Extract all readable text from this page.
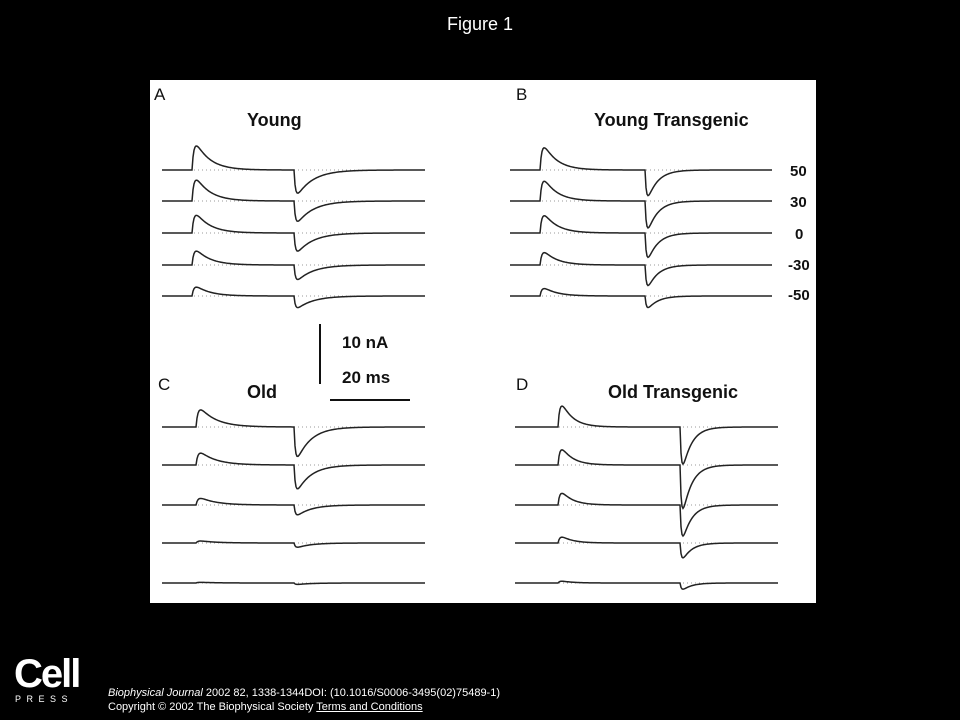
Figure 1
A
Young
B
Young Transgenic
C	Old	D	Old Transgenic
50
30
0
-30
-50
10 nA
20 ms
Cell
PRESS	Biophysical Journal 2002 82, 1338-1344DOI: (10.1016/S0006-3495(02)75489-1)
Copyright © 2002 The Biophysical Society Terms and Conditions
